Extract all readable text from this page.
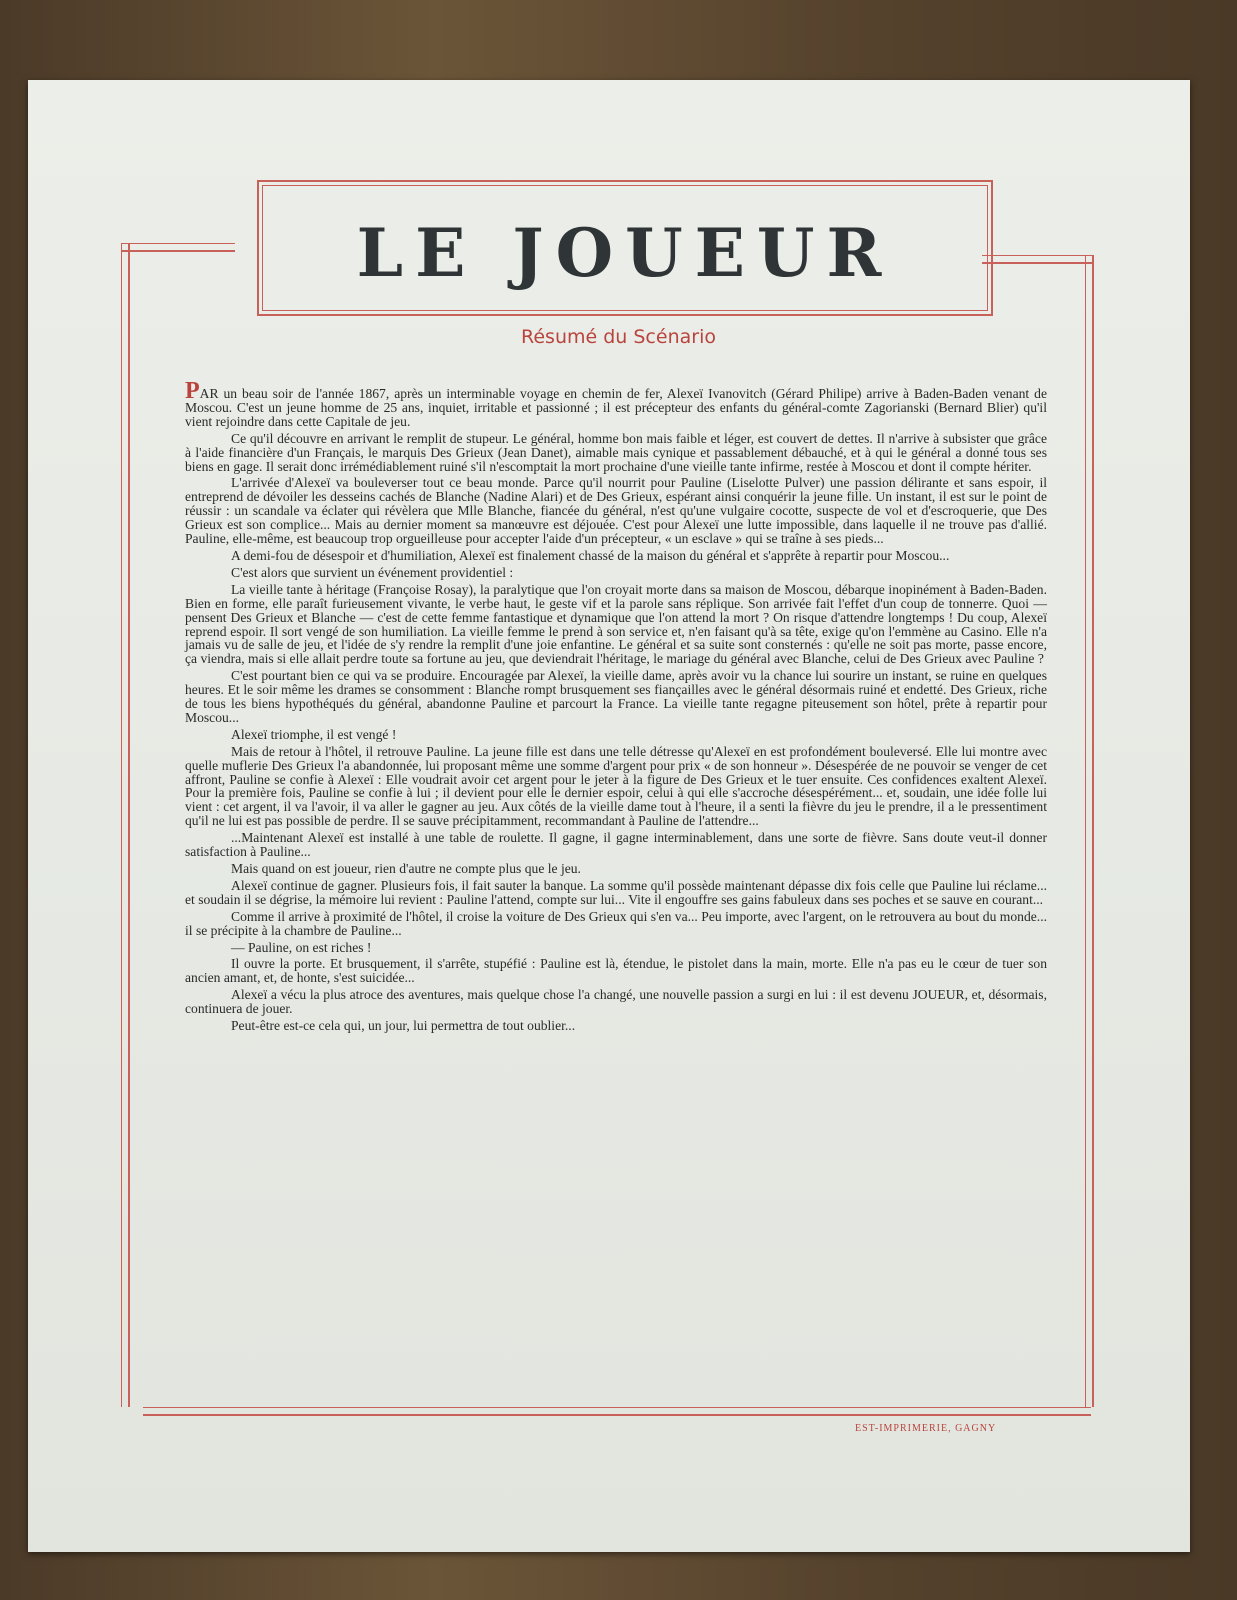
LE JOUEUR
Résumé du Scénario

PAR un beau soir de l'année 1867, après un interminable voyage en chemin de fer, Alexeï Ivanovitch (Gérard Philipe) arrive à Baden-Baden venant de Moscou. C'est un jeune homme de 25 ans, inquiet, irritable et passionné ; il est précepteur des enfants du général-comte Zagorianski (Bernard Blier) qu'il vient rejoindre dans cette Capitale de jeu.

Ce qu'il découvre en arrivant le remplit de stupeur. Le général, homme bon mais faible et léger, est couvert de dettes. Il n'arrive à subsister que grâce à l'aide financière d'un Français, le marquis Des Grieux (Jean Danet), aimable mais cynique et passablement débauché, et à qui le général a donné tous ses biens en gage. Il serait donc irrémédiablement ruiné s'il n'escomptait la mort prochaine d'une vieille tante infirme, restée à Moscou et dont il compte hériter.

L'arrivée d'Alexeï va bouleverser tout ce beau monde. Parce qu'il nourrit pour Pauline (Liselotte Pulver) une passion délirante et sans espoir, il entreprend de dévoiler les desseins cachés de Blanche (Nadine Alari) et de Des Grieux, espérant ainsi conquérir la jeune fille. Un instant, il est sur le point de réussir : un scandale va éclater qui révèlera que Mlle Blanche, fiancée du général, n'est qu'une vulgaire cocotte, suspecte de vol et d'escroquerie, que Des Grieux est son complice... Mais au dernier moment sa manœuvre est déjouée. C'est pour Alexeï une lutte impossible, dans laquelle il ne trouve pas d'allié. Pauline, elle-même, est beaucoup trop orgueilleuse pour accepter l'aide d'un précepteur, « un esclave » qui se traîne à ses pieds...

A demi-fou de désespoir et d'humiliation, Alexeï est finalement chassé de la maison du général et s'apprête à repartir pour Moscou...

C'est alors que survient un événement providentiel :

La vieille tante à héritage (Françoise Rosay), la paralytique que l'on croyait morte dans sa maison de Moscou, débarque inopinément à Baden-Baden. Bien en forme, elle paraît furieusement vivante, le verbe haut, le geste vif et la parole sans réplique. Son arrivée fait l'effet d'un coup de tonnerre. Quoi — pensent Des Grieux et Blanche — c'est de cette femme fantastique et dynamique que l'on attend la mort ? On risque d'attendre longtemps ! Du coup, Alexeï reprend espoir. Il sort vengé de son humiliation. La vieille femme le prend à son service et, n'en faisant qu'à sa tête, exige qu'on l'emmène au Casino. Elle n'a jamais vu de salle de jeu, et l'idée de s'y rendre la remplit d'une joie enfantine. Le général et sa suite sont consternés : qu'elle ne soit pas morte, passe encore, ça viendra, mais si elle allait perdre toute sa fortune au jeu, que deviendrait l'héritage, le mariage du général avec Blanche, celui de Des Grieux avec Pauline ?

C'est pourtant bien ce qui va se produire. Encouragée par Alexeï, la vieille dame, après avoir vu la chance lui sourire un instant, se ruine en quelques heures. Et le soir même les drames se consomment : Blanche rompt brusquement ses fiançailles avec le général désormais ruiné et endetté. Des Grieux, riche de tous les biens hypothéqués du général, abandonne Pauline et parcourt la France. La vieille tante regagne piteusement son hôtel, prête à repartir pour Moscou...

Alexeï triomphe, il est vengé !

Mais de retour à l'hôtel, il retrouve Pauline. La jeune fille est dans une telle détresse qu'Alexeï en est profondément bouleversé. Elle lui montre avec quelle muflerie Des Grieux l'a abandonnée, lui proposant même une somme d'argent pour prix « de son honneur ». Désespérée de ne pouvoir se venger de cet affront, Pauline se confie à Alexeï : Elle voudrait avoir cet argent pour le jeter à la figure de Des Grieux et le tuer ensuite. Ces confidences exaltent Alexeï. Pour la première fois, Pauline se confie à lui ; il devient pour elle le dernier espoir, celui à qui elle s'accroche désespérément... et, soudain, une idée folle lui vient : cet argent, il va l'avoir, il va aller le gagner au jeu. Aux côtés de la vieille dame tout à l'heure, il a senti la fièvre du jeu le prendre, il a le pressentiment qu'il ne lui est pas possible de perdre. Il se sauve précipitamment, recommandant à Pauline de l'attendre...

...Maintenant Alexeï est installé à une table de roulette. Il gagne, il gagne interminablement, dans une sorte de fièvre. Sans doute veut-il donner satisfaction à Pauline...

Mais quand on est joueur, rien d'autre ne compte plus que le jeu.

Alexeï continue de gagner. Plusieurs fois, il fait sauter la banque. La somme qu'il possède maintenant dépasse dix fois celle que Pauline lui réclame... et soudain il se dégrise, la mémoire lui revient : Pauline l'attend, compte sur lui... Vite il engouffre ses gains fabuleux dans ses poches et se sauve en courant...

Comme il arrive à proximité de l'hôtel, il croise la voiture de Des Grieux qui s'en va... Peu importe, avec l'argent, on le retrouvera au bout du monde... il se précipite à la chambre de Pauline...

— Pauline, on est riches !

Il ouvre la porte. Et brusquement, il s'arrête, stupéfié : Pauline est là, étendue, le pistolet dans la main, morte. Elle n'a pas eu le cœur de tuer son ancien amant, et, de honte, s'est suicidée...

Alexeï a vécu la plus atroce des aventures, mais quelque chose l'a changé, une nouvelle passion a surgi en lui : il est devenu JOUEUR, et, désormais, continuera de jouer.

Peut-être est-ce cela qui, un jour, lui permettra de tout oublier...

EST-IMPRIMERIE, GAGNY
